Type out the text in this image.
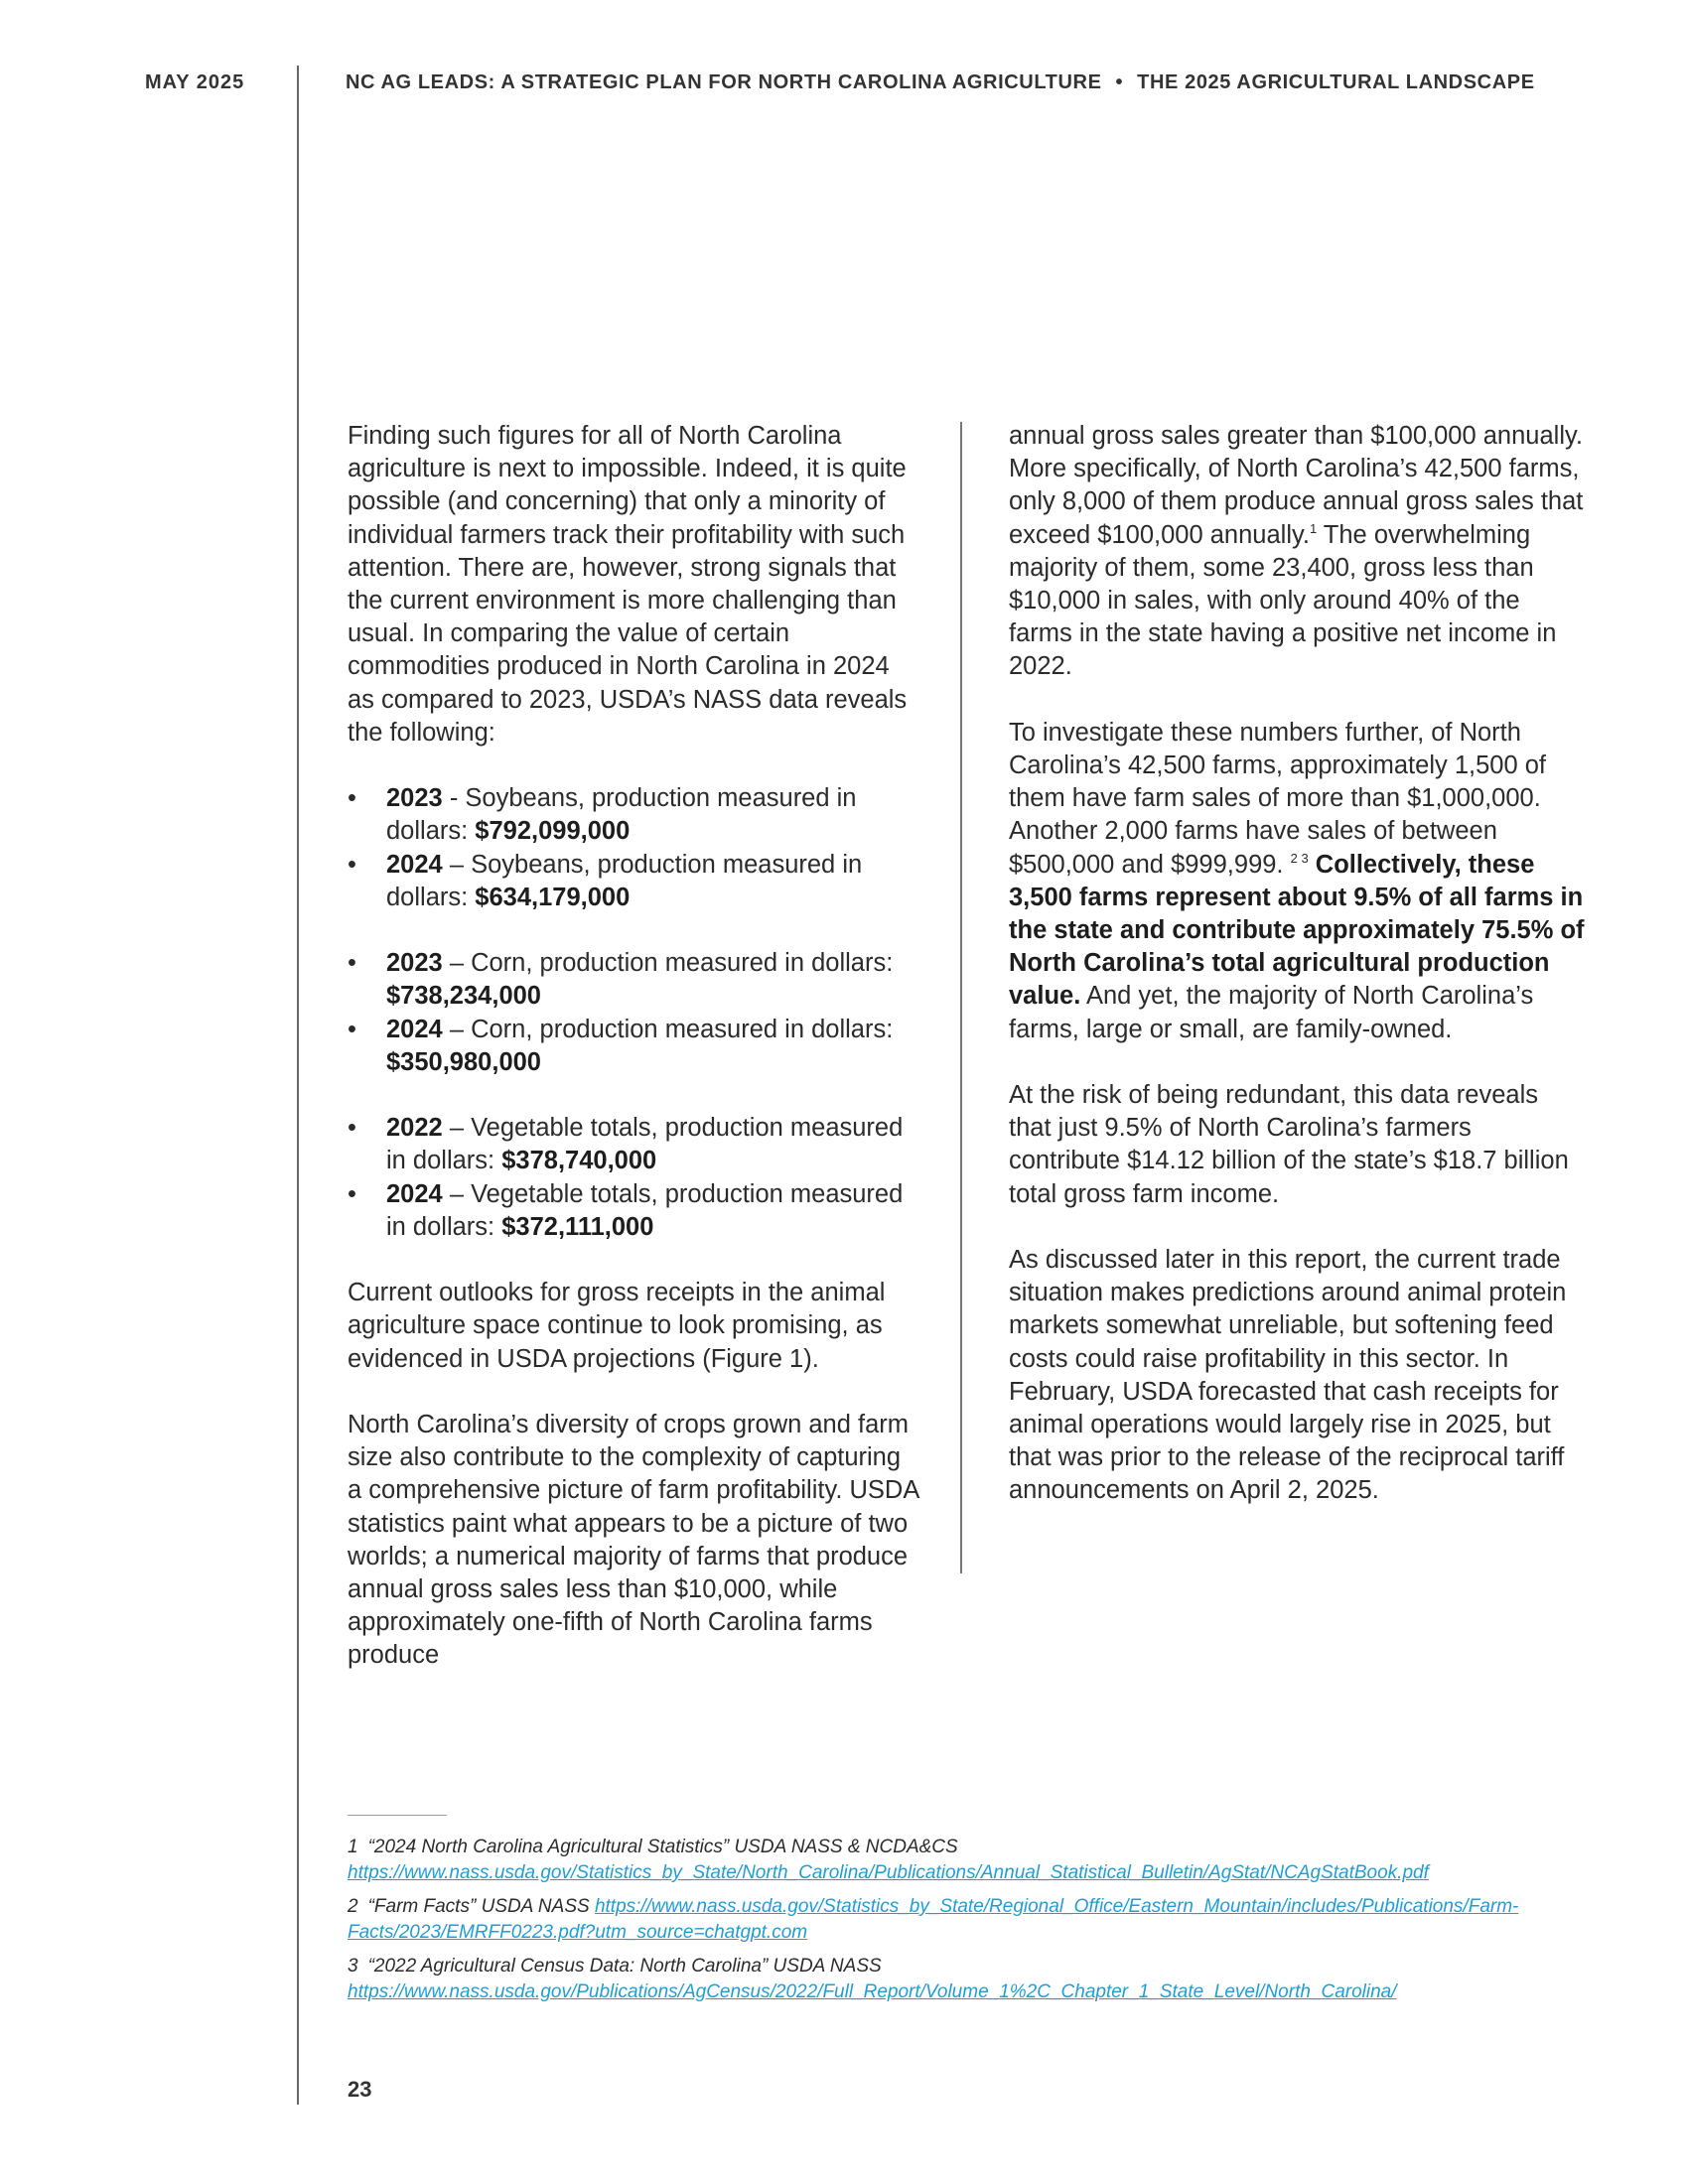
MAY 2025	NC AG LEADS: A STRATEGIC PLAN FOR NORTH CAROLINA AGRICULTURE • THE 2025 AGRICULTURAL LANDSCAPE

Finding such figures for all of North Carolina agriculture is next to impossible. Indeed, it is quite possible (and concerning) that only a minority of individual farmers track their profitability with such attention. There are, however, strong signals that the current environment is more challenging than usual. In comparing the value of certain commodities produced in North Carolina in 2024 as compared to 2023, USDA’s NASS data reveals the following:

• 2023 - Soybeans, production measured in dollars: $792,099,000
• 2024 – Soybeans, production measured in dollars: $634,179,000
• 2023 – Corn, production measured in dollars: $738,234,000
• 2024 – Corn, production measured in dollars: $350,980,000
• 2022 – Vegetable totals, production measured in dollars: $378,740,000
• 2024 – Vegetable totals, production measured in dollars: $372,111,000

Current outlooks for gross receipts in the animal agriculture space continue to look promising, as evidenced in USDA projections (Figure 1).

North Carolina’s diversity of crops grown and farm size also contribute to the complexity of capturing a comprehensive picture of farm profitability. USDA statistics paint what appears to be a picture of two worlds; a numerical majority of farms that produce annual gross sales less than $10,000, while approximately one-fifth of North Carolina farms produce

annual gross sales greater than $100,000 annually. More specifically, of North Carolina’s 42,500 farms, only 8,000 of them produce annual gross sales that exceed $100,000 annually.$^1$ The overwhelming majority of them, some 23,400, gross less than $10,000 in sales, with only around 40% of the farms in the state having a positive net income in 2022.

To investigate these numbers further, of North Carolina’s 42,500 farms, approximately 1,500 of them have farm sales of more than $1,000,000. Another 2,000 farms have sales of between $500,000 and $999,999. $^{2 3}$ Collectively, these 3,500 farms represent about 9.5% of all farms in the state and contribute approximately 75.5% of North Carolina’s total agricultural production value. And yet, the majority of North Carolina’s farms, large or small, are family-owned.

At the risk of being redundant, this data reveals that just 9.5% of North Carolina’s farmers contribute $14.12 billion of the state’s $18.7 billion total gross farm income.

As discussed later in this report, the current trade situation makes predictions around animal protein markets somewhat unreliable, but softening feed costs could raise profitability in this sector. In February, USDA forecasted that cash receipts for animal operations would largely rise in 2025, but that was prior to the release of the reciprocal tariff announcements on April 2, 2025.

1 “2024 North Carolina Agricultural Statistics” USDA NASS & NCDA&CS https://www.nass.usda.gov/Statistics_by_State/North_Carolina/Publications/Annual_Statistical_Bulletin/AgStat/NCAgStatBook.pdf
2 “Farm Facts” USDA NASS https://www.nass.usda.gov/Statistics_by_State/Regional_Office/Eastern_Mountain/includes/Publications/Farm-Facts/2023/EMRFF0223.pdf?utm_source=chatgpt.com
3 “2022 Agricultural Census Data: North Carolina” USDA NASS https://www.nass.usda.gov/Publications/AgCensus/2022/Full_Report/Volume_1%2C_Chapter_1_State_Level/North_Carolina/
23
